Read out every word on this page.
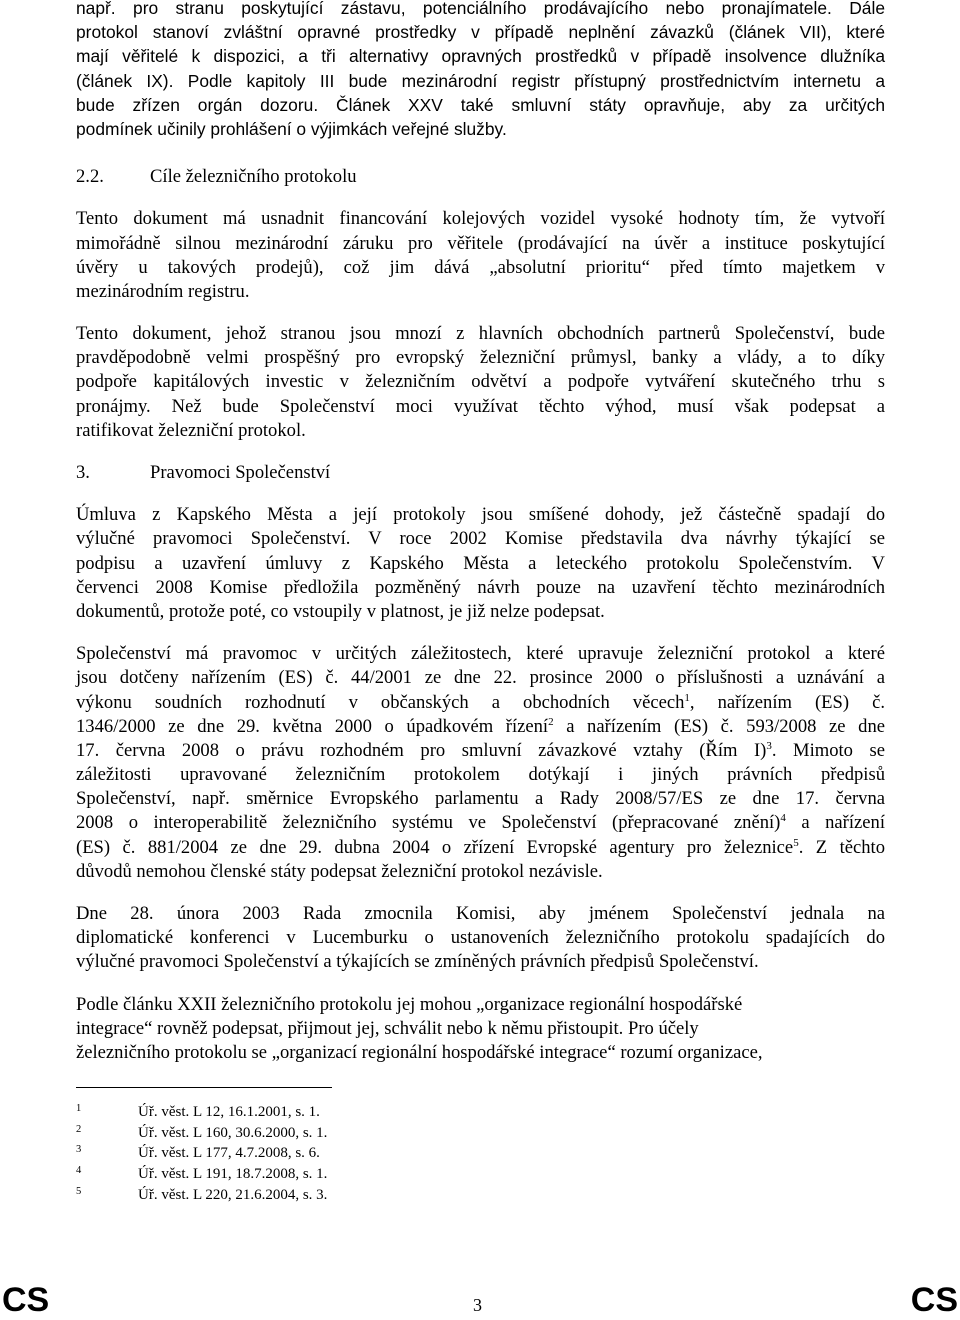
např. pro stranu poskytující zástavu, potenciálního prodávajícího nebo pronajímatele. Dále
protokol stanoví zvláštní opravné prostředky v případě neplnění závazků (článek VII), které
mají věřitelé k dispozici, a tři alternativy opravných prostředků v případě insolvence dlužníka
(článek IX). Podle kapitoly III bude mezinárodní registr přístupný prostřednictvím internetu a
bude zřízen orgán dozoru. Článek XXV také smluvní státy opravňuje, aby za určitých
podmínek učinily prohlášení o výjimkách veřejné služby.
2.2.	Cíle železničního protokolu
Tento dokument má usnadnit financování kolejových vozidel vysoké hodnoty tím, že vytvoří
mimořádně silnou mezinárodní záruku pro věřitele (prodávající na úvěr a instituce poskytující
úvěry u takových prodejů), což jim dává „absolutní prioritu“ před tímto majetkem v
mezinárodním registru.
Tento dokument, jehož stranou jsou mnozí z hlavních obchodních partnerů Společenství, bude
pravděpodobně velmi prospěšný pro evropský železniční průmysl, banky a vlády, a to díky
podpoře kapitálových investic v železničním odvětví a podpoře vytváření skutečného trhu s
pronájmy. Než bude Společenství moci využívat těchto výhod, musí však podepsat a
ratifikovat železniční protokol.
3.	Pravomoci Společenství
Úmluva z Kapského Města a její protokoly jsou smíšené dohody, jež částečně spadají do
výlučné pravomoci Společenství. V roce 2002 Komise představila dva návrhy týkající se
podpisu a uzavření úmluvy z Kapského Města a leteckého protokolu Společenstvím. V
červenci 2008 Komise předložila pozměněný návrh pouze na uzavření těchto mezinárodních
dokumentů, protože poté, co vstoupily v platnost, je již nelze podepsat.
Společenství má pravomoc v určitých záležitostech, které upravuje železniční protokol a které
jsou dotčeny nařízením (ES) č. 44/2001 ze dne 22. prosince 2000 o příslušnosti a uznávání a
výkonu soudních rozhodnutí v občanských a obchodních věcech$^1$, nařízením (ES) č.
1346/2000 ze dne 29. května 2000 o úpadkovém řízení$^2$ a nařízením (ES) č. 593/2008 ze dne
17. června 2008 o právu rozhodném pro smluvní závazkové vztahy (Řím I)$^3$. Mimoto se
záležitosti upravované železničním protokolem dotýkají i jiných právních předpisů
Společenství, např. směrnice Evropského parlamentu a Rady 2008/57/ES ze dne 17. června
2008 o interoperabilitě železničního systému ve Společenství (přepracované znění)$^4$ a nařízení
(ES) č. 881/2004 ze dne 29. dubna 2004 o zřízení Evropské agentury pro železnice$^5$. Z těchto
důvodů nemohou členské státy podepsat železniční protokol nezávisle.
Dne 28. února 2003 Rada zmocnila Komisi, aby jménem Společenství jednala na
diplomatické konferenci v Lucemburku o ustanoveních železničního protokolu spadajících do
výlučné pravomoci Společenství a týkajících se zmíněných právních předpisů Společenství.
Podle článku XXII železničního protokolu jej mohou „organizace regionální hospodářské
integrace“ rovněž podepsat, přijmout jej, schválit nebo k němu přistoupit. Pro účely
železničního protokolu se „organizací regionální hospodářské integrace“ rozumí organizace,
1	Úř. věst. L 12, 16.1.2001, s. 1.
2	Úř. věst. L 160, 30.6.2000, s. 1.
3	Úř. věst. L 177, 4.7.2008, s. 6.
4	Úř. věst. L 191, 18.7.2008, s. 1.
5	Úř. věst. L 220, 21.6.2004, s. 3.
CS	3	CS
